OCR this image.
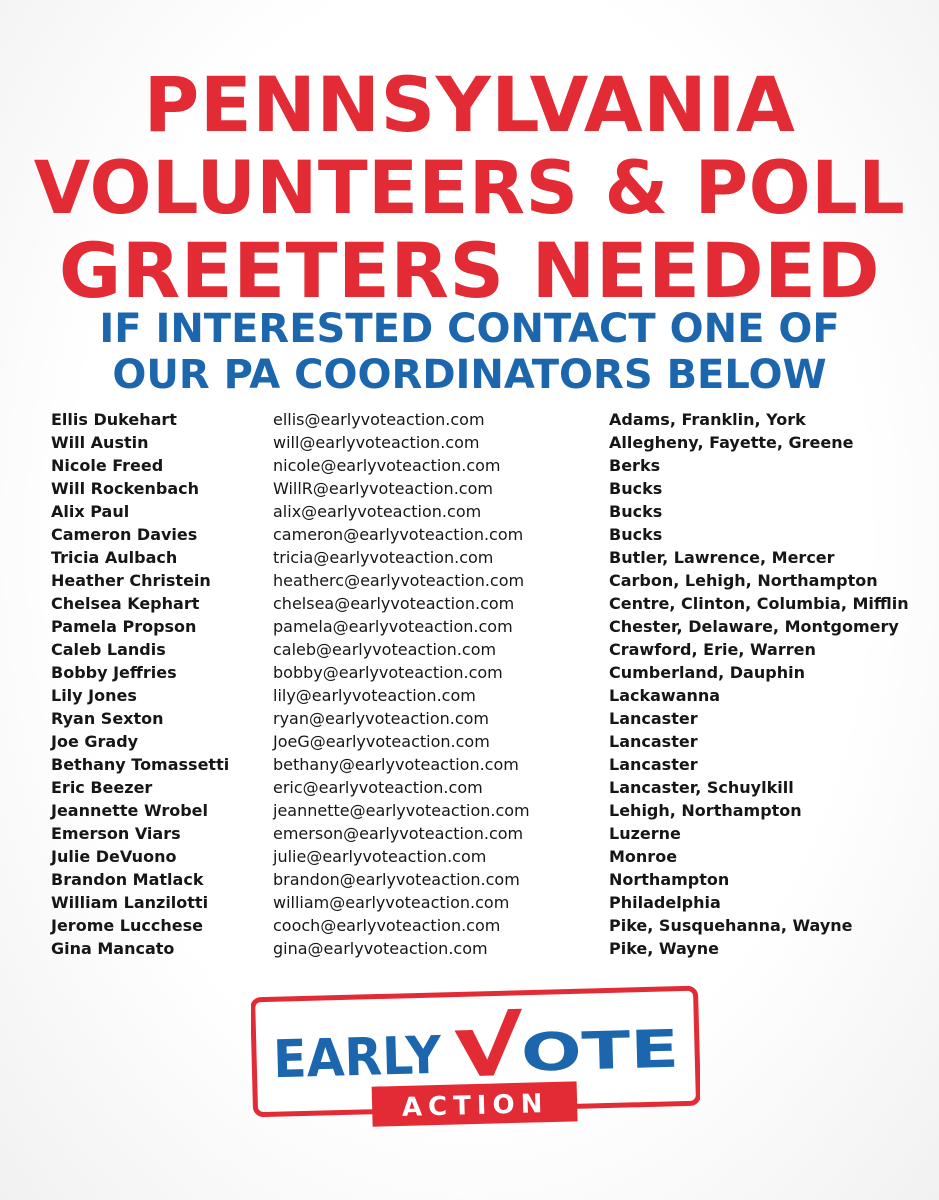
PENNSYLVANIA
VOLUNTEERS & POLL
GREETERS NEEDED
IF INTERESTED CONTACT ONE OF
OUR PA COORDINATORS BELOW
Ellis Dukehart	ellis@earlyvoteaction.com	Adams, Franklin, York
Will Austin	will@earlyvoteaction.com	Allegheny, Fayette, Greene
Nicole Freed	nicole@earlyvoteaction.com	Berks
Will Rockenbach	WillR@earlyvoteaction.com	Bucks
Alix Paul	alix@earlyvoteaction.com	Bucks
Cameron Davies	cameron@earlyvoteaction.com	Bucks
Tricia Aulbach	tricia@earlyvoteaction.com	Butler, Lawrence, Mercer
Heather Christein	heatherc@earlyvoteaction.com	Carbon, Lehigh, Northampton
Chelsea Kephart	chelsea@earlyvoteaction.com	Centre, Clinton, Columbia, Mifflin
Pamela Propson	pamela@earlyvoteaction.com	Chester, Delaware, Montgomery
Caleb Landis	caleb@earlyvoteaction.com	Crawford, Erie, Warren
Bobby Jeffries	bobby@earlyvoteaction.com	Cumberland, Dauphin
Lily Jones	lily@earlyvoteaction.com	Lackawanna
Ryan Sexton	ryan@earlyvoteaction.com	Lancaster
Joe Grady	JoeG@earlyvoteaction.com	Lancaster
Bethany Tomassetti	bethany@earlyvoteaction.com	Lancaster
Eric Beezer	eric@earlyvoteaction.com	Lancaster, Schuylkill
Jeannette Wrobel	jeannette@earlyvoteaction.com	Lehigh, Northampton
Emerson Viars	emerson@earlyvoteaction.com	Luzerne
Julie DeVuono	julie@earlyvoteaction.com	Monroe
Brandon Matlack	brandon@earlyvoteaction.com	Northampton
William Lanzilotti	william@earlyvoteaction.com	Philadelphia
Jerome Lucchese	cooch@earlyvoteaction.com	Pike, Susquehanna, Wayne
Gina Mancato	gina@earlyvoteaction.com	Pike, Wayne
EARLY OTE
ACTION
